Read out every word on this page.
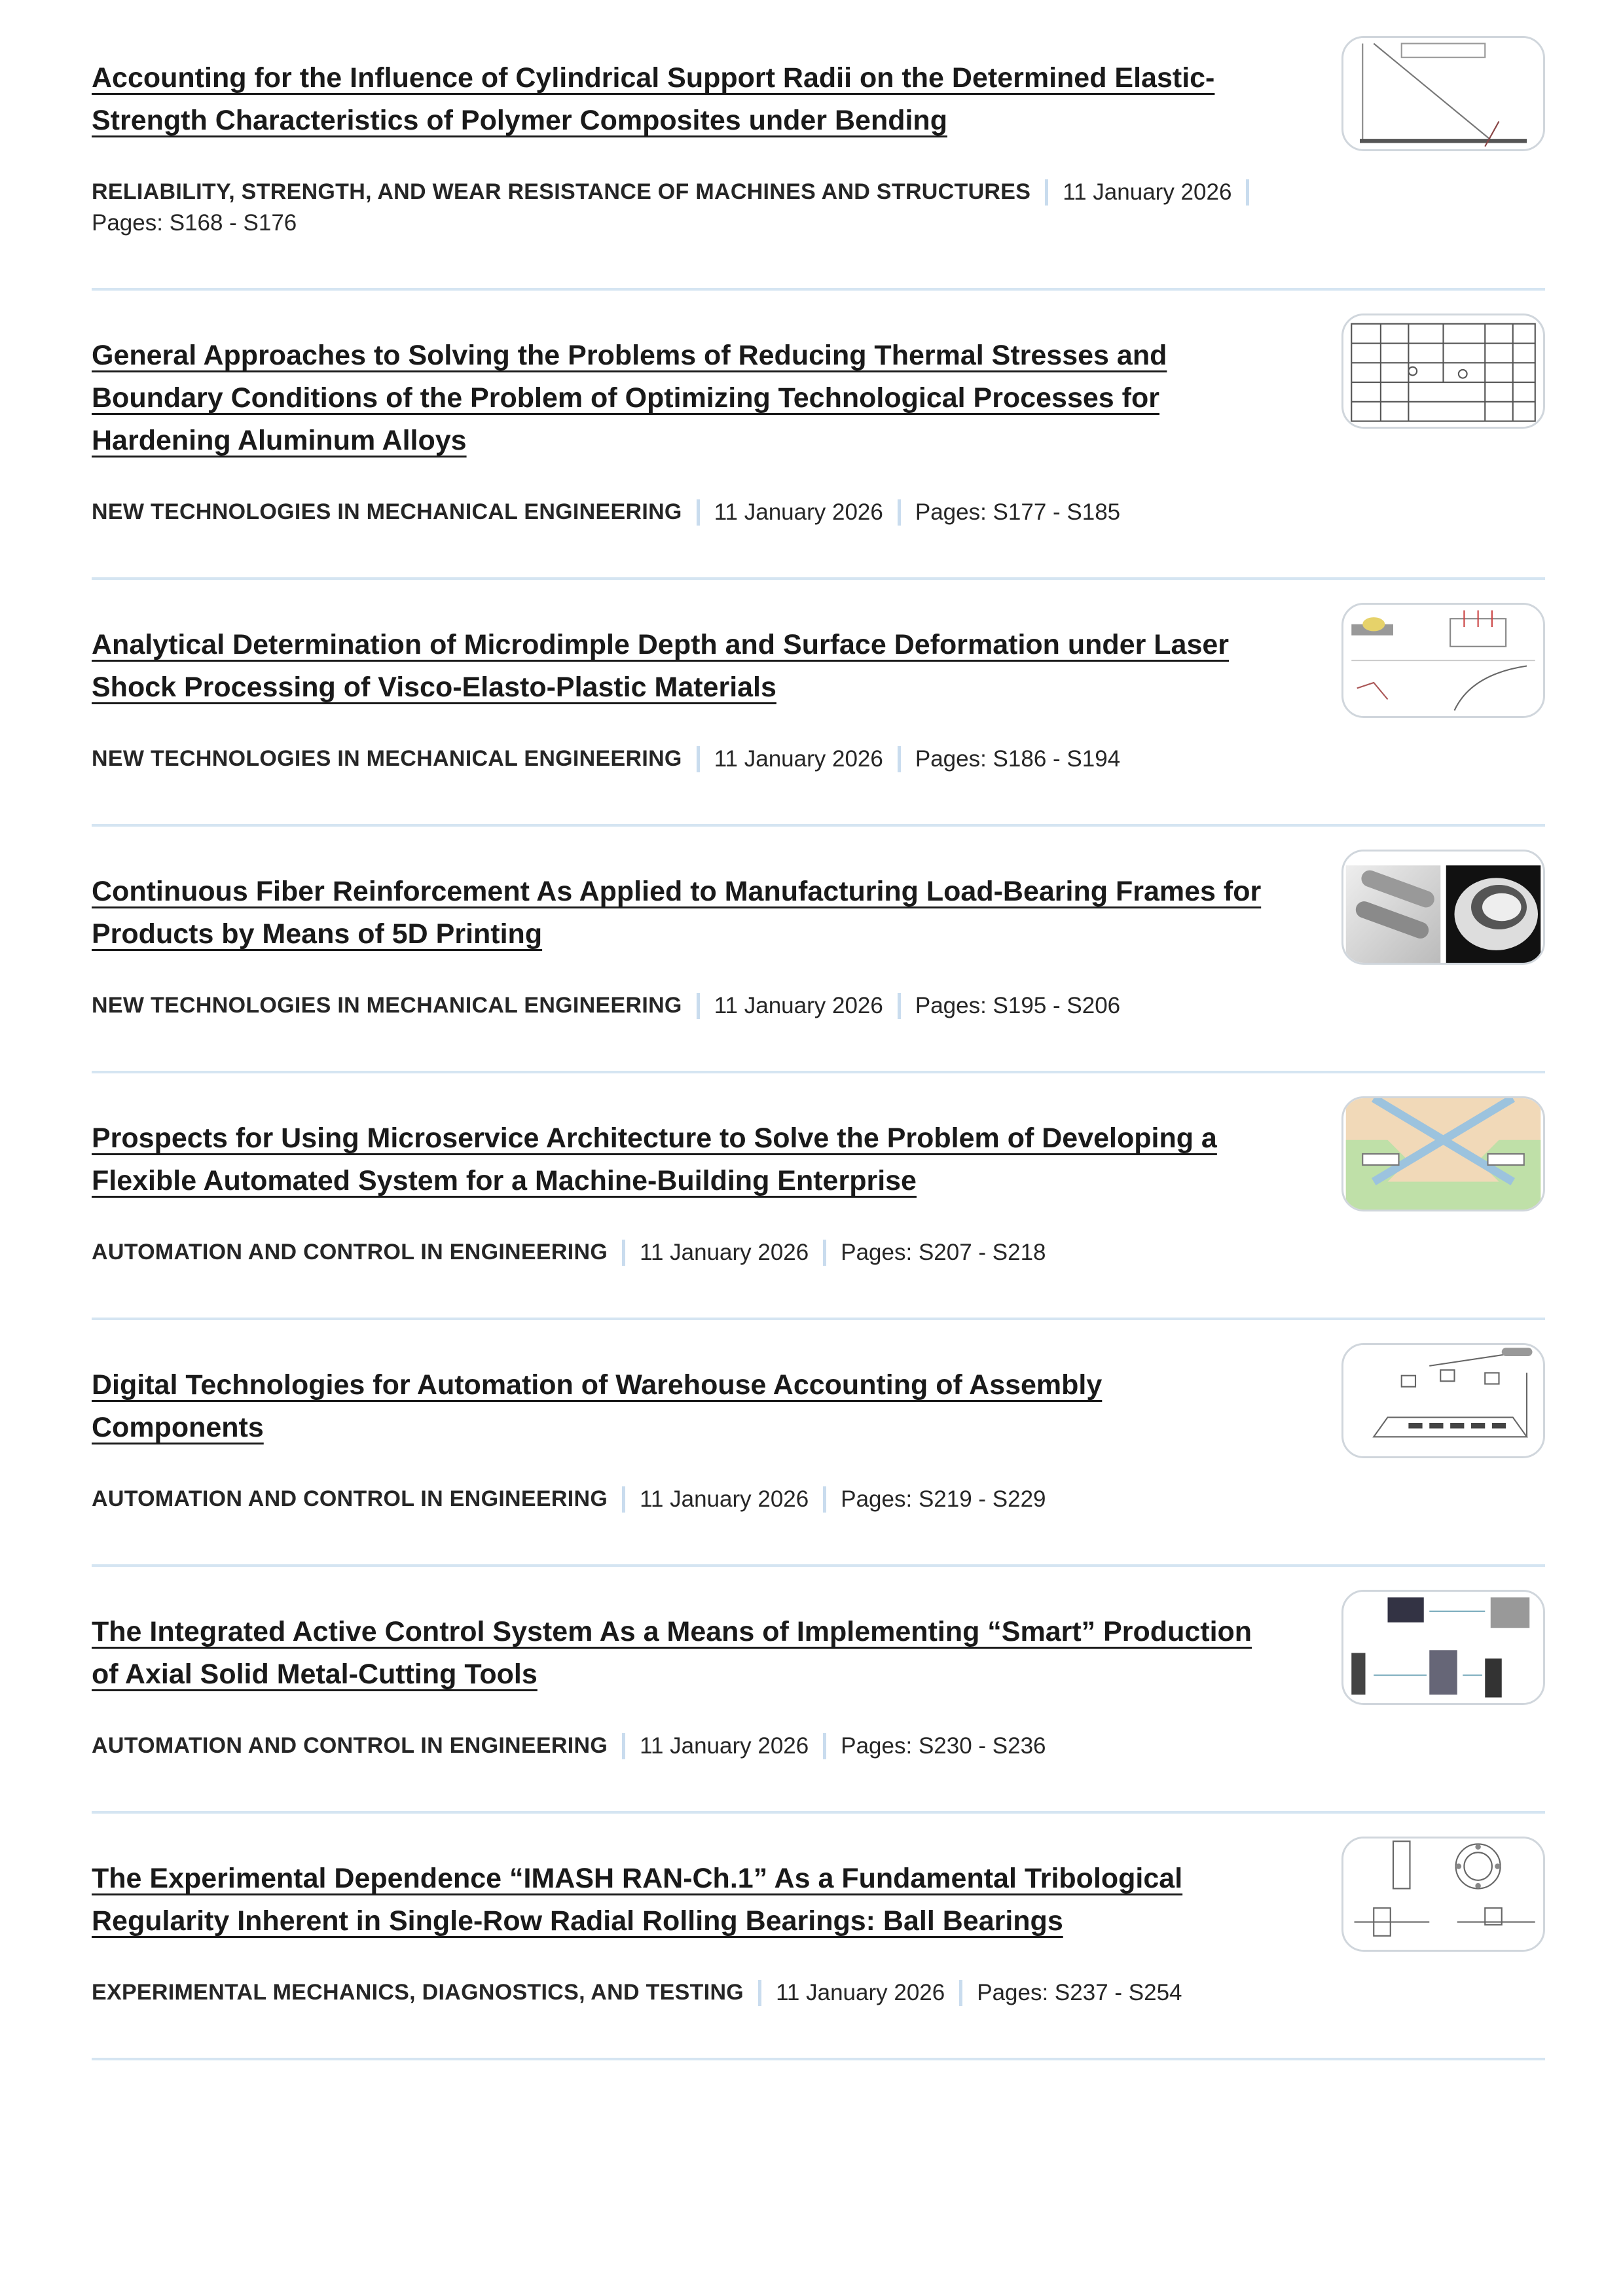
Accounting for the Influence of Cylindrical Support Radii on the Determined Elastic-
Strength Characteristics of Polymer Composites under Bending
RELIABILITY, STRENGTH, AND WEAR RESISTANCE OF MACHINES AND STRUCTURES 11 January 2026
Pages: S168 - S176
General Approaches to Solving the Problems of Reducing Thermal Stresses and
Boundary Conditions of the Problem of Optimizing Technological Processes for
Hardening Aluminum Alloys
NEW TECHNOLOGIES IN MECHANICAL ENGINEERING 11 January 2026 Pages: S177 - S185
Analytical Determination of Microdimple Depth and Surface Deformation under Laser
Shock Processing of Visco-Elasto-Plastic Materials
NEW TECHNOLOGIES IN MECHANICAL ENGINEERING 11 January 2026 Pages: S186 - S194
Continuous Fiber Reinforcement As Applied to Manufacturing Load-Bearing Frames for
Products by Means of 5D Printing
NEW TECHNOLOGIES IN MECHANICAL ENGINEERING 11 January 2026 Pages: S195 - S206
Prospects for Using Microservice Architecture to Solve the Problem of Developing a
Flexible Automated System for a Machine-Building Enterprise
AUTOMATION AND CONTROL IN ENGINEERING 11 January 2026 Pages: S207 - S218
Digital Technologies for Automation of Warehouse Accounting of Assembly
Components
AUTOMATION AND CONTROL IN ENGINEERING 11 January 2026 Pages: S219 - S229
The Integrated Active Control System As a Means of Implementing “Smart” Production
of Axial Solid Metal-Cutting Tools
AUTOMATION AND CONTROL IN ENGINEERING 11 January 2026 Pages: S230 - S236
The Experimental Dependence “IMASH RAN-Ch.1” As a Fundamental Tribological
Regularity Inherent in Single-Row Radial Rolling Bearings: Ball Bearings
EXPERIMENTAL MECHANICS, DIAGNOSTICS, AND TESTING 11 January 2026 Pages: S237 - S254
